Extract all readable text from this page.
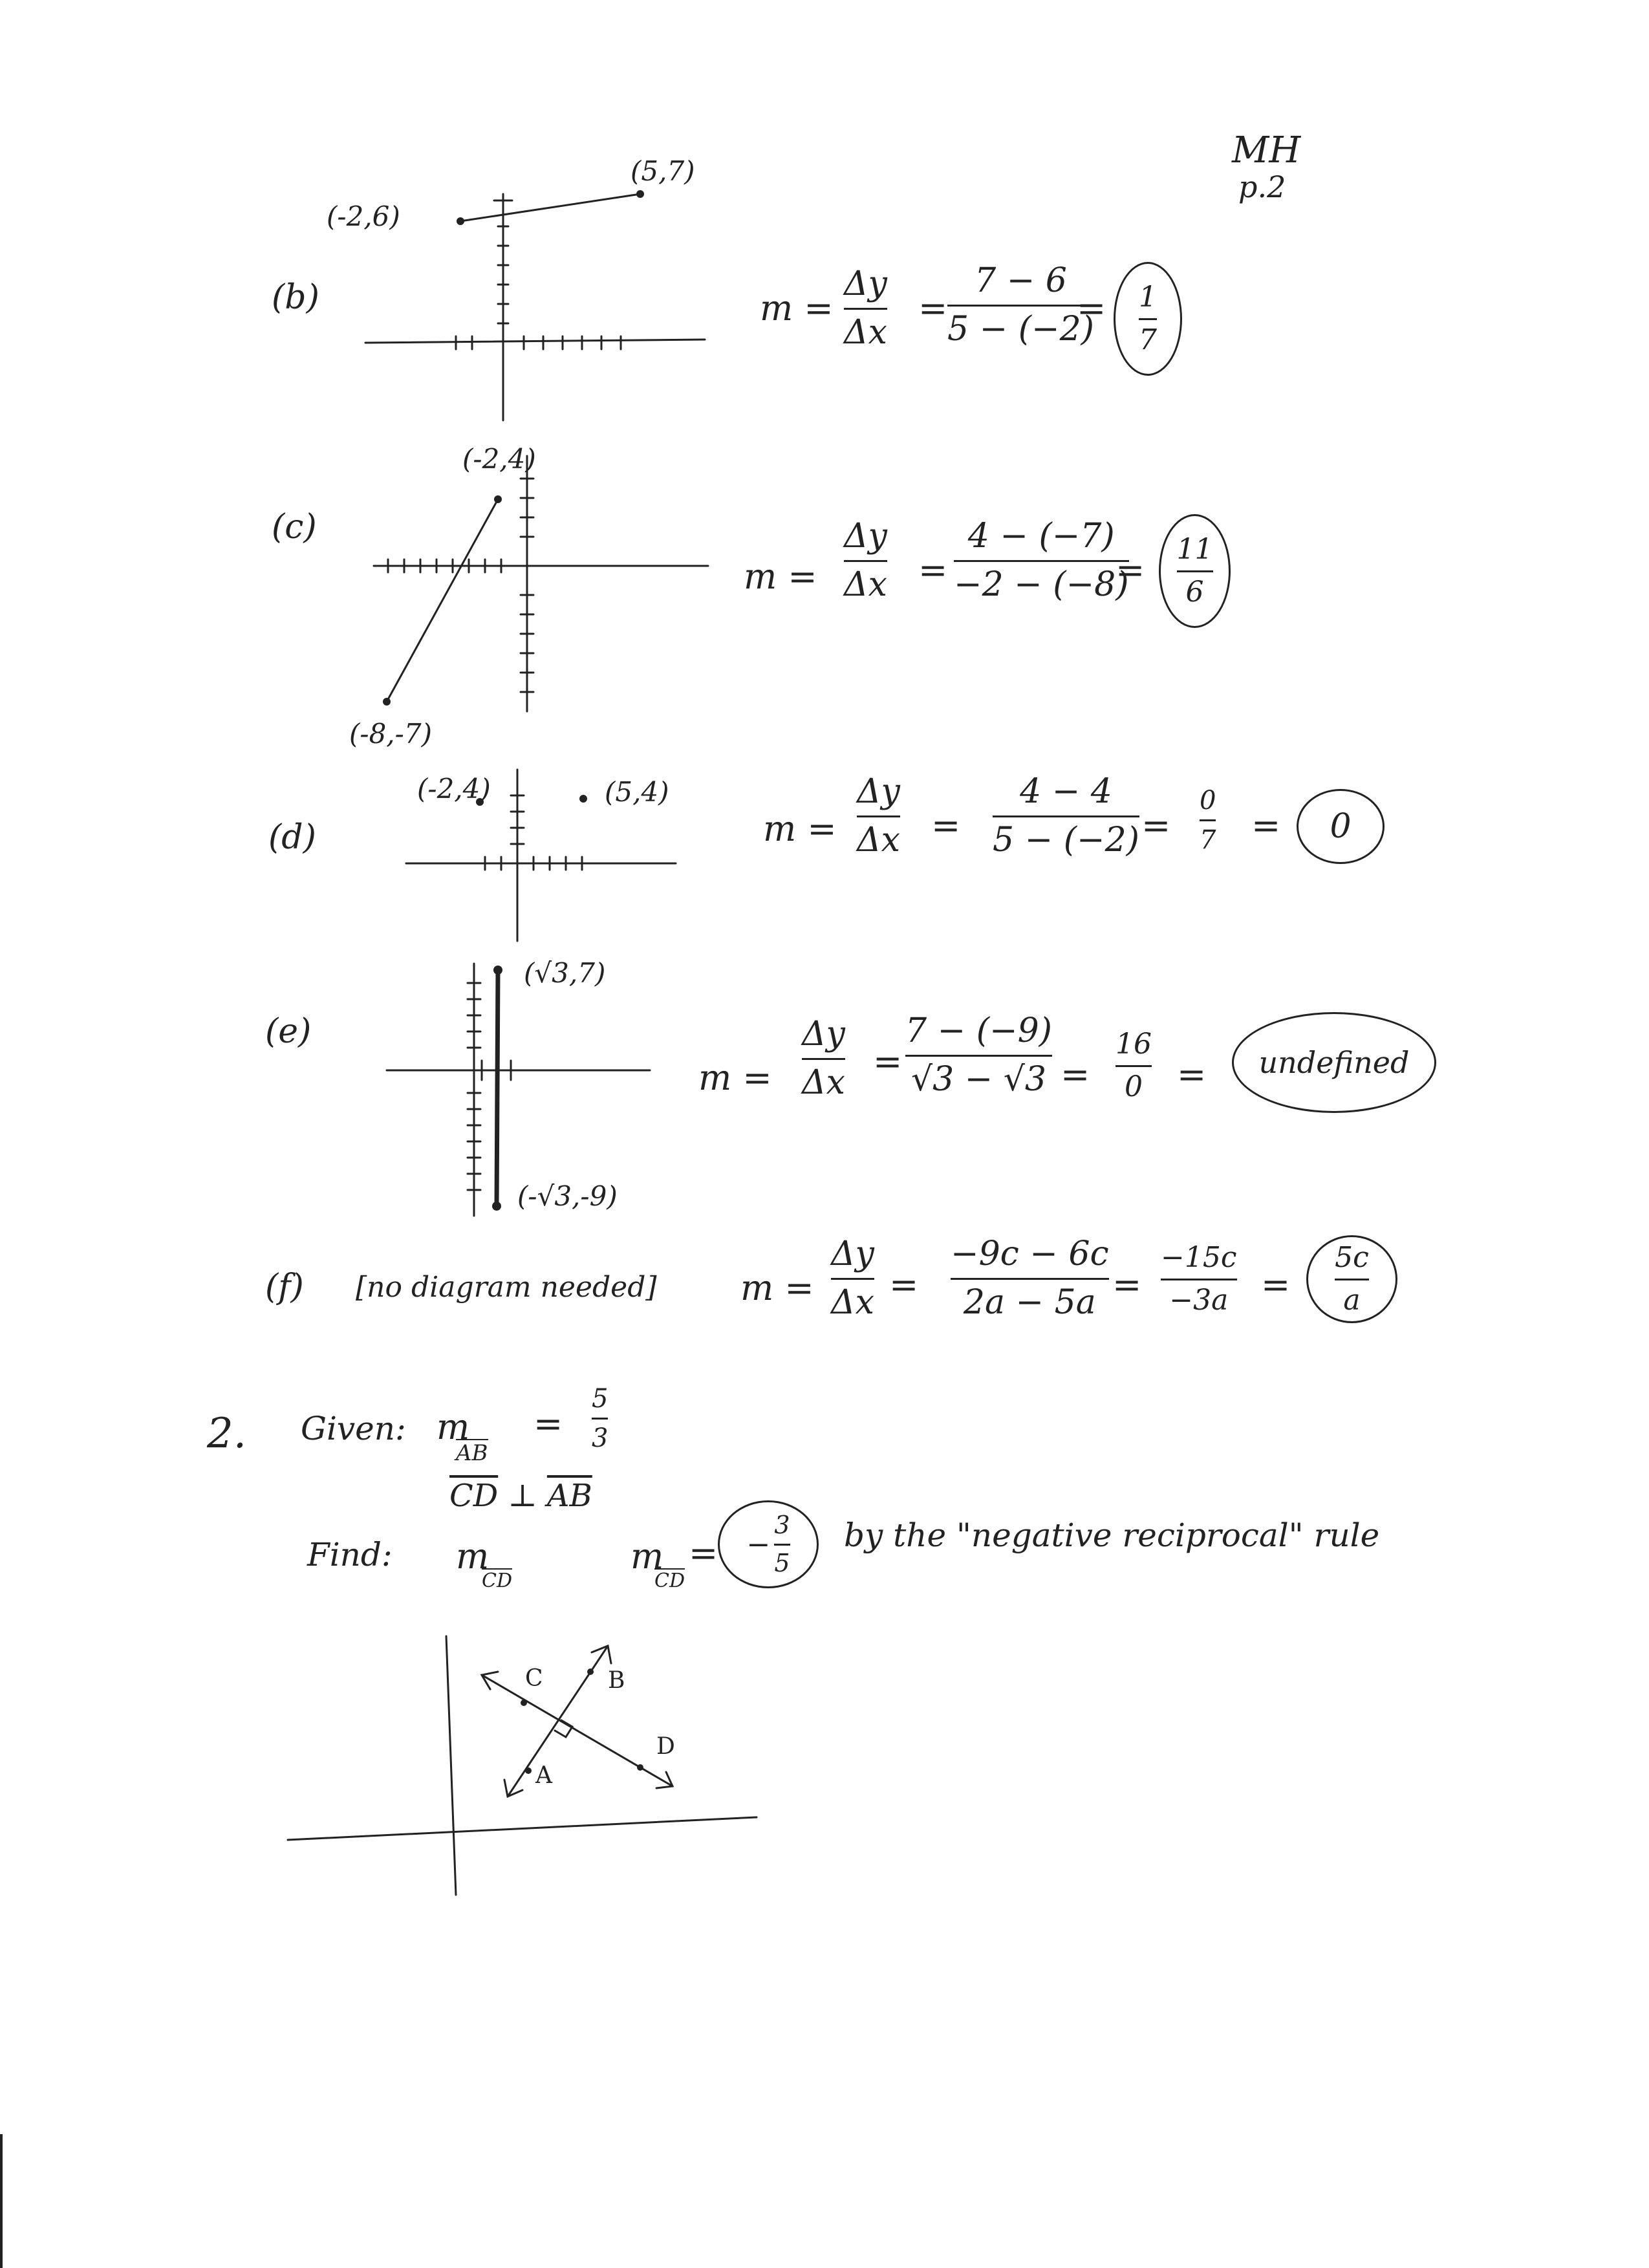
MH
p.2
(b)
(-2,6)
(5,7)
m =
Δy
Δx
=
7 − 6
5 − (−2)
= $\frac{1}{7}$
(c)
(-2,4)
(-8,-7)
m =
Δy
Δx =
4 − (−7)
−2 − (−8)
= $\frac{11}{6}$
(d)
(-2,4)	(5,4)
m =
Δy
Δx =
4 − 4
5 − (−2) =
0
7 =	0
(e)
(√3,7)
(-√3,-9)
m =
Δy
Δx
=
7 − (−9)
√3 − √3 =
16
0 =	undefined
(f) [no diagram needed] m =
Δy
Δx =
−9c − 6c
2a − 5a =
−15c
$-3a = \frac{5c}{a}$
2. Given: m
AB
=
5
3
$\overline{CD}$ ⊥ $\overline{AB}$
Find: m
CD
m
CD
= − $\frac{3}{5}$ by the "negative reciprocal" rule
C	B
A
D
